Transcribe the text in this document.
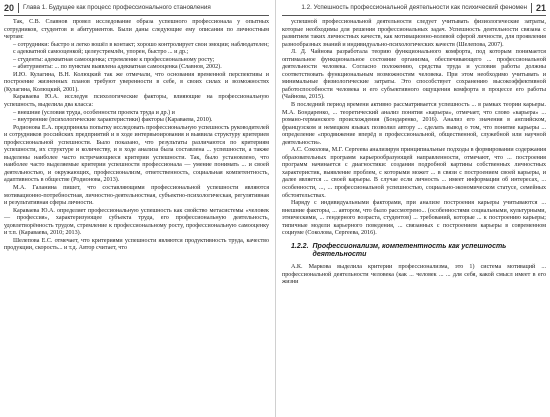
20 Глава 1. Будущее как процесс профессионального становления

Так, С.В. Славнов провел исследование образа успешного профессионала у опытных сотрудников, студентов и абитуриентов. Были даны следующие ему описания по личностным чертам:

– сотрудники: быстро и легко вошёл в контакт; хорошо контролирует свои эмоции; наблюдателен; с адекватной самооценкой; целеустремлён, упорен, быстро ... и др.;
– студенты: адекватная самооценка; стремление к профессиональному росту;
– абитуриенты: ... по пунктам выявлена адекватная самооценка (Славнов, 2002).

И.Ю. Кулагина, В.Н. Колюцкий так же отмечали, что основания временной перспективы и построение жизненных планов требуют уверенности в себе, в своих силах и возможностях (Кулагина, Колюцкий, 2001).

Караваева Ю.А. исследуя психологические факторы, влияющие на профессиональную успешность, выделила два класса:

– внешние (условия труда, особенности проекта труда и др.) и
– внутренние (психологические характеристики) факторы (Караваева, 2010).

Родионова Е.А. предприняла попытку исследовать профессиональную успешность руководителей и сотрудников российских предприятий и в ходе интервьюирования и выявила структуру критериев профессиональной успешности. Было показано, что результаты различаются по критериям успешности, их структуре и количеству, и в ходе анализа была составлена ... успешности, а также выделены наиболее часто встречающиеся критерии успешности. Так, было установлено, что наиболее часто выделяемые критерии успешности профессионала — умение понимать ... и своей деятельностью, и окружающих, профессионализм, ответственность, социальная компетентность, адаптивность в обществе (Родионова, 2013).

М.А. Галанина пишет, что составляющими профессиональной успешности являются мотивационно-потребностная, личностно-деятельностная, субъектно-психологическая, регулятивная и результативная сферы личности.

Караваева Ю.А. определяет профессиональную успешность как свойство метасистемы «человек — профессия», характеризующее субъекта труда, его профессиональную деятельность, удовлетворённость трудом, стремление к профессиональному росту, профессиональную самооценку и т.п. (Караваева, 2010; 2013).

Шелепова Е.С. отмечает, что критериями успешности являются продуктивность труда, качество продукции, скорость... и т.д. Автор считает, что

1.2. Успешность профессиональной деятельности как психический феномен 21

успешной профессиональной деятельности следует учитывать физиологические затраты, которые необходимы для решения профессиональных задач. Успешность деятельности связана с развитием таких личностных качеств, как мотивационно-волевой сферой личности, для проявления разнообразных знаний и индивидуально-психологических качеств (Шелепова, 2007).

Л. Д. Чайнова разработала теорию функционального комфорта, под которым понимается оптимальное функциональное состояние организма, обеспечивающего ... профессиональной деятельности человека. Согласно положению, средства труда и условия работы должны соответствовать функциональным возможностям человека. При этом необходимо учитывать и минимальные физиологические затраты. Это способствует сохранению высокоэффективной работоспособности человека и его субъективного ощущения комфорта в процессе его работы (Чайнова, 2015).

В последний период времени активно рассматривается успешность ... в рамках теории карьеры. М.А. Бондаренко, ... теоретический анализ понятия «карьера», отмечает, что слово «карьера» ... романо-германского происхождения (Бондаренко, 2016). Анализ его значения в английском, французском и немецком языках позволил автору ... сделать вывод о том, что понятие карьеры ... определение «продвижение вперёд в профессиональной, общественной, служебной или научной деятельности».

А.С. Соколова, М.Г. Сергеева анализируя принципиальные подходы в формировании содержания образовательных программ карьерообразующей направленности, отмечают, что ... построения программ начинается с диагностики: создания подробной картины собственных личностных характеристик, выявление проблем, с которыми может ... в связи с построением своей карьеры, и далее является ... своей карьеры. В случае если личность ... имеет информации об интересах, ... особенности, ..., ... профессиональной успешностью, социально-экономическом статусе, семейных обстоятельствах.

Наряду с индивидуальными факторами, при анализе построения карьеры учитываются ... внешние факторы, ... автором, что было рассмотрено... (особенностями социальными, культурными, этническими, ... гендерного возраста, студентов) ... требований, которые ... к построению карьеры; типичные модели карьерного поведения, ... связанных с построением карьеры в современном социуме (Соколова, Сергеева, 2016).

1.2.2. Профессионализм, компетентность как успешность деятельности

А.К. Маркова выделила критерии профессионализма, это 1) система мотиваций ... профессиональной деятельности человека (как ... человек ... ... для себя, какой смысл имеет в его жизни
